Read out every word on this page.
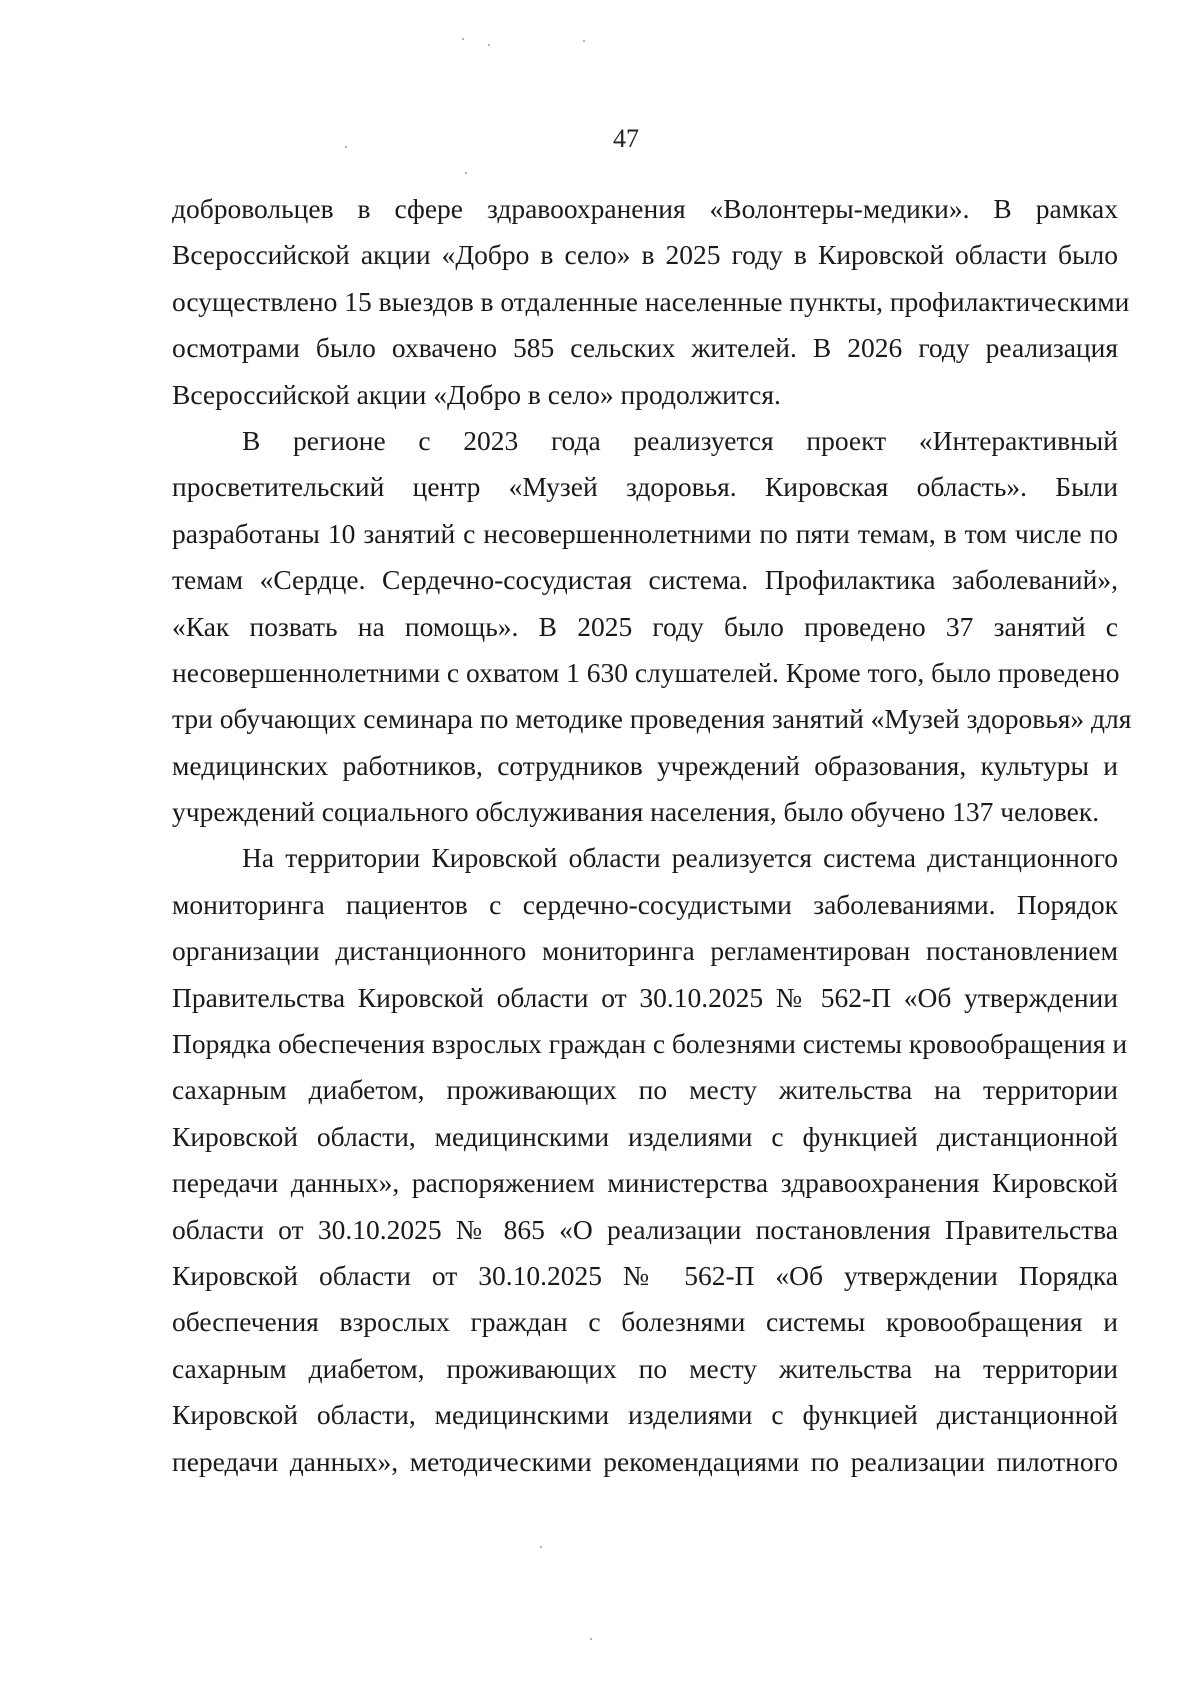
47
добровольцев в сфере здравоохранения «Волонтеры-медики». В рамках
Всероссийской акции «Добро в село» в 2025 году в Кировской области было
осуществлено 15 выездов в отдаленные населенные пункты, профилактическими
осмотрами было охвачено 585 сельских жителей. В 2026 году реализация
Всероссийской акции «Добро в село» продолжится.
В регионе с 2023 года реализуется проект «Интерактивный
просветительский центр «Музей здоровья. Кировская область». Были
разработаны 10 занятий с несовершеннолетними по пяти темам, в том числе по
темам «Сердце. Сердечно-сосудистая система. Профилактика заболеваний»,
«Как позвать на помощь». В 2025 году было проведено 37 занятий с
несовершеннолетними с охватом 1 630 слушателей. Кроме того, было проведено
три обучающих семинара по методике проведения занятий «Музей здоровья» для
медицинских работников, сотрудников учреждений образования, культуры и
учреждений социального обслуживания населения, было обучено 137 человек.
На территории Кировской области реализуется система дистанционного
мониторинга пациентов с сердечно-сосудистыми заболеваниями. Порядок
организации дистанционного мониторинга регламентирован постановлением
Правительства Кировской области от 30.10.2025 № 562-П «Об утверждении
Порядка обеспечения взрослых граждан с болезнями системы кровообращения и
сахарным диабетом, проживающих по месту жительства на территории
Кировской области, медицинскими изделиями с функцией дистанционной
передачи данных», распоряжением министерства здравоохранения Кировской
области от 30.10.2025 № 865 «О реализации постановления Правительства
Кировской области от 30.10.2025 № 562-П «Об утверждении Порядка
обеспечения взрослых граждан с болезнями системы кровообращения и
сахарным диабетом, проживающих по месту жительства на территории
Кировской области, медицинскими изделиями с функцией дистанционной
передачи данных», методическими рекомендациями по реализации пилотного
